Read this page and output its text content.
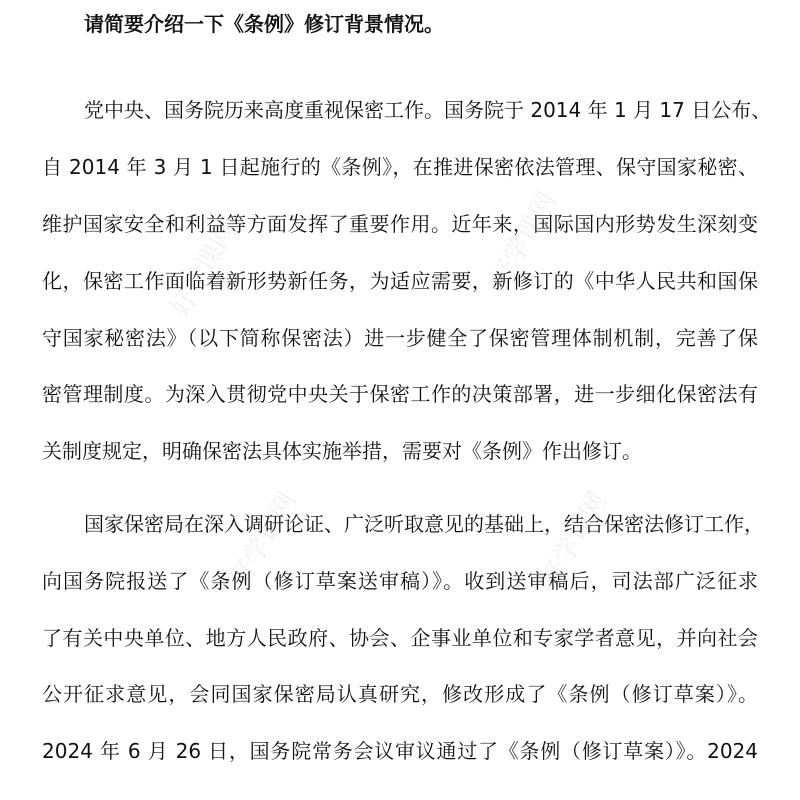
好学课网	好学课网
好学课网	好学课网
请简要介绍一下《条例》修订背景情况。
党中央、国务院历来高度重视保密工作。国务院于 2014 年 1 月 17 日公布、
自 2014 年 3 月 1 日起施行的《条例》，在推进保密依法管理、保守国家秘密、
维护国家安全和利益等方面发挥了重要作用。近年来，国际国内形势发生深刻变
化，保密工作面临着新形势新任务，为适应需要，新修订的《中华人民共和国保
守国家秘密法》（以下简称保密法）进一步健全了保密管理体制机制，完善了保
密管理制度。为深入贯彻党中央关于保密工作的决策部署，进一步细化保密法有
关制度规定，明确保密法具体实施举措，需要对《条例》作出修订。
国家保密局在深入调研论证、广泛听取意见的基础上，结合保密法修订工作，
向国务院报送了《条例（修订草案送审稿）》。收到送审稿后，司法部广泛征求
了有关中央单位、地方人民政府、协会、企事业单位和专家学者意见，并向社会
公开征求意见，会同国家保密局认真研究，修改形成了《条例（修订草案）》。
2024 年 6 月 26 日，国务院常务会议审议通过了《条例（修订草案）》。2024
